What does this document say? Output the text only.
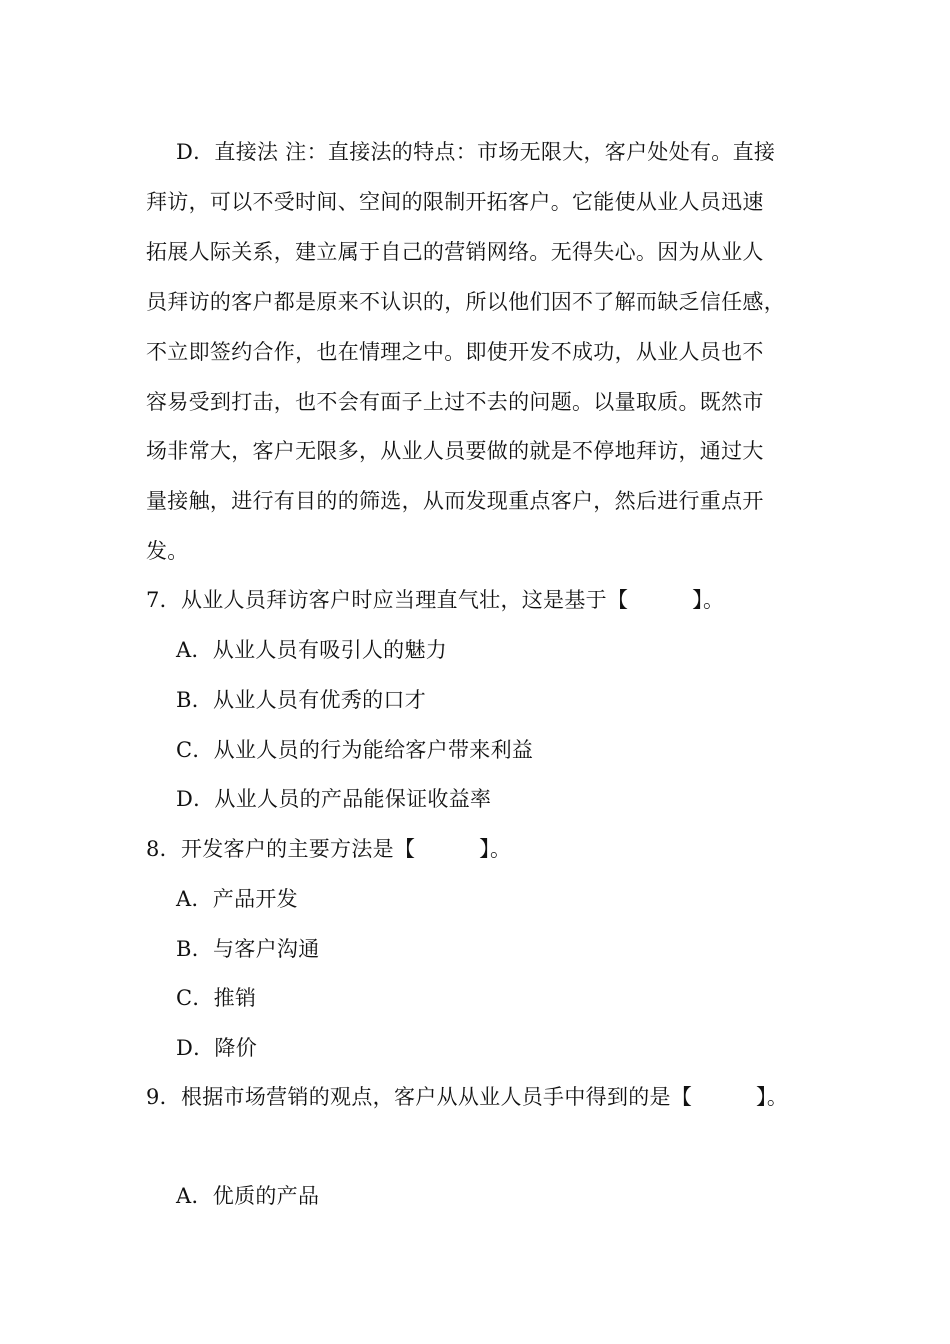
D．直接法 注：直接法的特点：市场无限大，客户处处有。直接
拜访，可以不受时间、空间的限制开拓客户。它能使从业人员迅速
拓展人际关系，建立属于自己的营销网络。无得失心。因为从业人
员拜访的客户都是原来不认识的，所以他们因不了解而缺乏信任感，
不立即签约合作，也在情理之中。即使开发不成功，从业人员也不
容易受到打击，也不会有面子上过不去的问题。以量取质。既然市
场非常大，客户无限多，从业人员要做的就是不停地拜访，通过大
量接触，进行有目的的筛选，从而发现重点客户，然后进行重点开
发。
7．从业人员拜访客户时应当理直气壮，这是基于【　　　】。
A．从业人员有吸引人的魅力
B．从业人员有优秀的口才
C．从业人员的行为能给客户带来利益
D．从业人员的产品能保证收益率
8．开发客户的主要方法是【　　　】。
A．产品开发
B．与客户沟通
C．推销
D．降价
9．根据市场营销的观点，客户从从业人员手中得到的是【　　　】。
A．优质的产品
